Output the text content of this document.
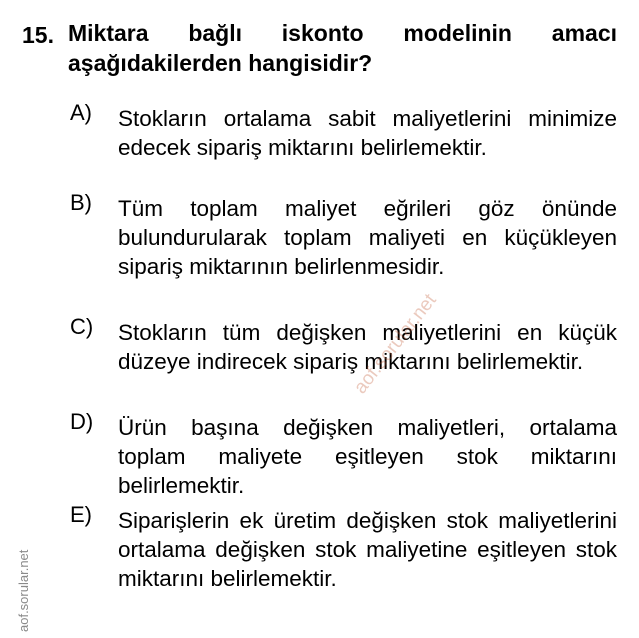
15. Miktara bağlı iskonto modelinin amacı aşağıdakilerden hangisidir?
A) Stokların ortalama sabit maliyetlerini minimize edecek sipariş miktarını belirlemektir.
B) Tüm toplam maliyet eğrileri göz önünde bulundurularak toplam maliyeti en küçükleyen sipariş miktarının belirlenmesidir.
C) Stokların tüm değişken maliyetlerini en küçük düzeye indirecek sipariş miktarını belirlemektir.
D) Ürün başına değişken maliyetleri, ortalama toplam maliyete eşitleyen stok miktarını belirlemektir.
E) Siparişlerin ek üretim değişken stok maliyetlerini ortalama değişken stok maliyetine eşitleyen stok miktarını belirlemektir.
aof.sorular.net
aof.sorular.net
